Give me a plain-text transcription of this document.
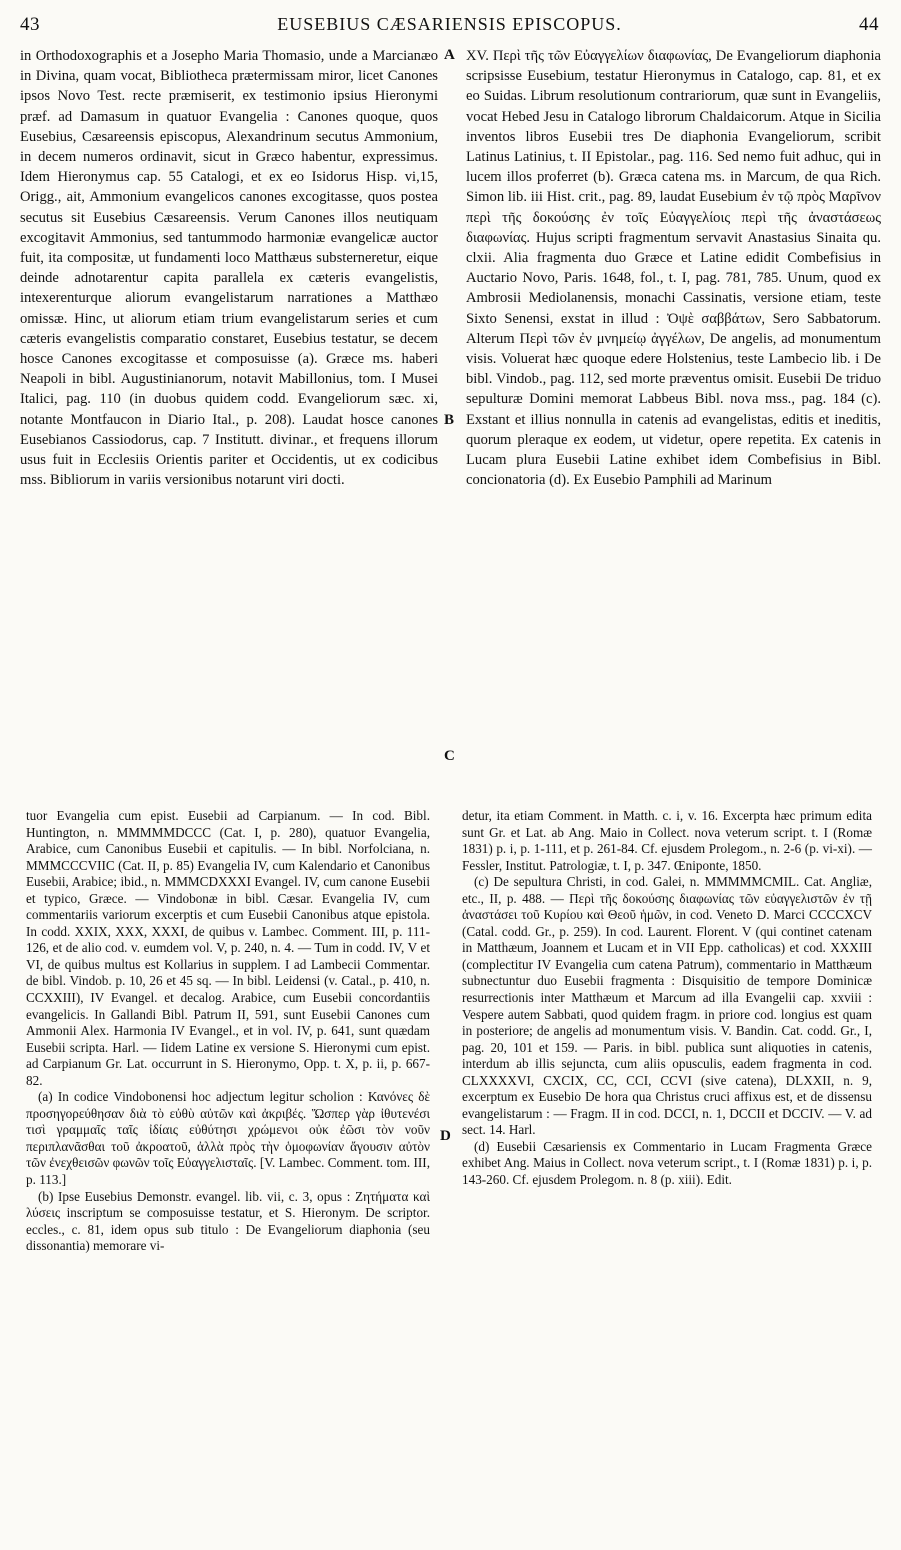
43	EUSEBIUS CÆSARIENSIS EPISCOPUS.	44

in Orthodoxographis et a Josepho Maria Thomasio, unde a Marcianæo in Divina, quam vocat, Bibliotheca prætermissam miror, licet Canones ipsos Novo Test. recte præmiserit, ex testimonio ipsius Hieronymi præf. ad Damasum in quatuor Evangelia : Canones quoque, quos Eusebius, Cæsareensis episcopus, Alexandrinum secutus Ammonium, in decem numeros ordinavit, sicut in Græco habentur, expressimus. Idem Hieronymus cap. 55 Catalogi, et ex eo Isidorus Hisp. vi,15, Origg., ait, Ammonium evangelicos canones excogitasse, quos postea secutus sit Eusebius Cæsareensis. Verum Canones illos neutiquam excogitavit Ammonius, sed tantummodo harmoniæ evangelicæ auctor fuit, ita compositæ, ut fundamenti loco Matthæus substerneretur, eique deinde adnotarentur capita parallela ex cæteris evangelistis, intexerenturque aliorum evangelistarum narrationes a Matthæo omissæ. Hinc, ut aliorum etiam trium evangelistarum series et cum cæteris evangelistis comparatio constaret, Eusebius testatur, se decem hosce Canones excogitasse et composuisse (a). Græce ms. haberi Neapoli in bibl. Augustinianorum, notavit Mabillonius, tom. I Musei Italici, pag. 110 (in duobus quidem codd. Evangeliorum sæc. xi, notante Montfaucon in Diario Ital., p. 208). Laudat hosce canones Eusebianos Cassiodorus, cap. 7 Institutt. divinar., et frequens illorum usus fuit in Ecclesiis Orientis pariter et Occidentis, ut ex codicibus mss. Bibliorum in variis versionibus notarunt viri docti.

XV. Περὶ τῆς τῶν Εὐαγγελίων διαφωνίας, De Evangeliorum diaphonia scripsisse Eusebium, testatur Hieronymus in Catalogo, cap. 81, et ex eo Suidas. Librum resolutionum contrariorum, quæ sunt in Evangeliis, vocat Hebed Jesu in Catalogo librorum Chaldaicorum. Atque in Sicilia inventos libros Eusebii tres De diaphonia Evangeliorum, scribit Latinus Latinius, t. II Epistolar., pag. 116. Sed nemo fuit adhuc, qui in lucem illos proferret (b). Græca catena ms. in Marcum, de qua Rich. Simon lib. iii Hist. crit., pag. 89, laudat Eusebium ἐν τῷ πρὸς Μαρῖνον περὶ τῆς δοκούσης ἐν τοῖς Εὐαγγελίοις περὶ τῆς ἀναστάσεως διαφωνίας. Hujus scripti fragmentum servavit Anastasius Sinaita qu. clxii. Alia fragmenta duo Græce et Latine edidit Combefisius in Auctario Novo, Paris. 1648, fol., t. I, pag. 781, 785. Unum, quod ex Ambrosii Mediolanensis, monachi Cassinatis, versione etiam, teste Sixto Senensi, exstat in illud : Ὀψὲ σαββάτων, Sero Sabbatorum. Alterum Περὶ τῶν ἐν μνημείῳ ἀγγέλων, De angelis, ad monumentum visis. Voluerat hæc quoque edere Holstenius, teste Lambecio lib. i De bibl. Vindob., pag. 112, sed morte præventus omisit. Eusebii De triduo sepulturæ Domini memorat Labbeus Bibl. nova mss., pag. 184 (c). Exstant et illius nonnulla in catenis ad evangelistas, editis et ineditis, quorum pleraque ex eodem, ut videtur, opere repetita. Ex catenis in Lucam plura Eusebii Latine exhibet idem Combefisius in Bibl. concionatoria (d). Ex Eusebio Pamphili ad Marinum

A
B
C
D

tuor Evangelia cum epist. Eusebii ad Carpianum. — In cod. Bibl. Huntington, n. MMMMMDCCC (Cat. I, p. 280), quatuor Evangelia, Arabice, cum Canonibus Eusebii et capitulis. — In bibl. Norfolciana, n. MMMCCCVIIC (Cat. II, p. 85) Evangelia IV, cum Kalendario et Canonibus Eusebii, Arabice; ibid., n. MMMCDXXXI Evangel. IV, cum canone Eusebii et typico, Græce. — Vindobonæ in bibl. Cæsar. Evangelia IV, cum commentariis variorum excerptis et cum Eusebii Canonibus atque epistola. In codd. XXIX, XXX, XXXI, de quibus v. Lambec. Comment. III, p. 111-126, et de alio cod. v. eumdem vol. V, p. 240, n. 4. — Tum in codd. IV, V et VI, de quibus multus est Kollarius in supplem. I ad Lambecii Commentar. de bibl. Vindob. p. 10, 26 et 45 sq. — In bibl. Leidensi (v. Catal., p. 410, n. CCXXIII), IV Evangel. et decalog. Arabice, cum Eusebii concordantiis evangelicis. In Gallandi Bibl. Patrum II, 591, sunt Eusebii Canones cum Ammonii Alex. Harmonia IV Evangel., et in vol. IV, p. 641, sunt quædam Eusebii scripta. Harl. — Iidem Latine ex versione S. Hieronymi cum epist. ad Carpianum Gr. Lat. occurrunt in S. Hieronymo, Opp. t. X, p. ii, p. 667-82.

(a) In codice Vindobonensi hoc adjectum legitur scholion : Κανόνες δὲ προσηγορεύθησαν διὰ τὸ εὐθὺ αὐτῶν καὶ ἀκριβές. Ὥσπερ γὰρ ἰθυτενέσι τισὶ γραμμαῖς ταῖς ἰδίαις εὐθύτησι χρώμενοι οὐκ ἐῶσι τὸν νοῦν περιπλανᾶσθαι τοῦ ἀκροατοῦ, ἀλλὰ πρὸς τὴν ὁμοφωνίαν ἄγουσιν αὐτὸν τῶν ἐνεχθεισῶν φωνῶν τοῖς Εὐαγγελισταῖς. [V. Lambec. Comment. tom. III, p. 113.]

(b) Ipse Eusebius Demonstr. evangel. lib. vii, c. 3, opus : Ζητήματα καὶ λύσεις inscriptum se composuisse testatur, et S. Hieronym. De scriptor. eccles., c. 81, idem opus sub titulo : De Evangeliorum diaphonia (seu dissonantia) memorare vi-

detur, ita etiam Comment. in Matth. c. i, v. 16. Excerpta hæc primum edita sunt Gr. et Lat. ab Ang. Maio in Collect. nova veterum script. t. I (Romæ 1831) p. i, p. 1-111, et p. 261-84. Cf. ejusdem Prolegom., n. 2-6 (p. vi-xi). — Fessler, Institut. Patrologiæ, t. I, p. 347. Œniponte, 1850.

(c) De sepultura Christi, in cod. Galei, n. MMMMMCMIL. Cat. Angliæ, etc., II, p. 488. — Περὶ τῆς δοκούσης διαφωνίας τῶν εὐαγγελιστῶν ἐν τῇ ἀναστάσει τοῦ Κυρίου καὶ Θεοῦ ἡμῶν, in cod. Veneto D. Marci CCCCXCV (Catal. codd. Gr., p. 259). In cod. Laurent. Florent. V (qui continet catenam in Matthæum, Joannem et Lucam et in VII Epp. catholicas) et cod. XXXIII (complectitur IV Evangelia cum catena Patrum), commentario in Matthæum subnectuntur duo Eusebii fragmenta : Disquisitio de tempore Dominicæ resurrectionis inter Matthæum et Marcum ad illa Evangelii cap. xxviii : Vespere autem Sabbati, quod quidem fragm. in priore cod. longius est quam in posteriore; de angelis ad monumentum visis. V. Bandin. Cat. codd. Gr., I, pag. 20, 101 et 159. — Paris. in bibl. publica sunt aliquoties in catenis, interdum ab illis sejuncta, cum aliis opusculis, eadem fragmenta in cod. CLXXXXVI, CXCIX, CC, CCI, CCVI (sive catena), DLXXII, n. 9, excerptum ex Eusebio De hora qua Christus cruci affixus est, et de dissensu evangelistarum : — Fragm. II in cod. DCCI, n. 1, DCCII et DCCIV. — V. ad sect. 14. Harl.

(d) Eusebii Cæsariensis ex Commentario in Lucam Fragmenta Græce exhibet Ang. Maius in Collect. nova veterum script., t. I (Romæ 1831) p. i, p. 143-260. Cf. ejusdem Prolegom. n. 8 (p. xiii). Edit.
